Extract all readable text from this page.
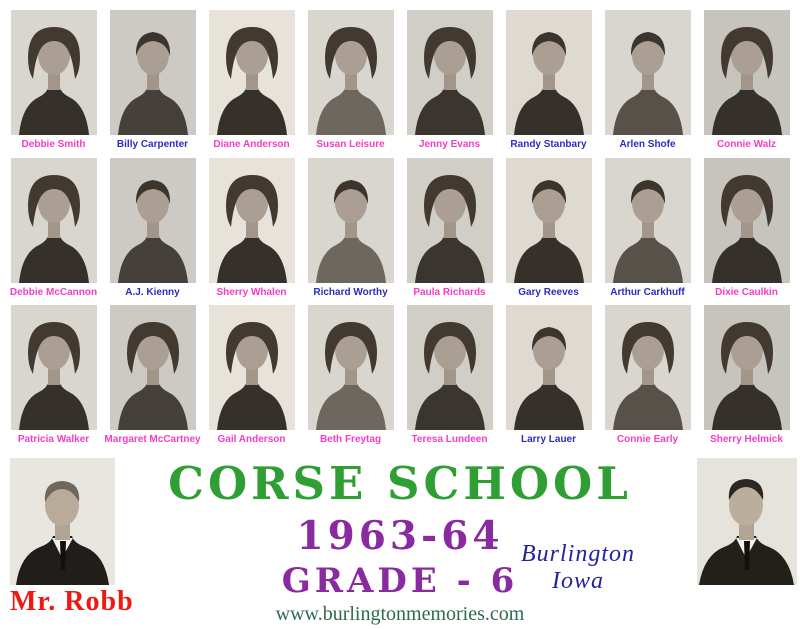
Debbie Smith	Billy Carpenter	Diane Anderson	Susan Leisure	Jenny Evans	Randy Stanbary	Arlen Shofe	Connie Walz
Debbie McCannon	A.J. Kienny	Sherry Whalen	Richard Worthy	Paula Richards	Gary Reeves	Arthur Carkhuff	Dixie Caulkin
Patricia Walker	Margaret McCartney	Gail Anderson	Beth Freytag	Teresa Lundeen	Larry Lauer	Connie Early	Sherry Helmick
Mr. Robb
CORSE SCHOOL
1963-64
GRADE - 6
www.burlingtonmemories.com
Burlington
Iowa
